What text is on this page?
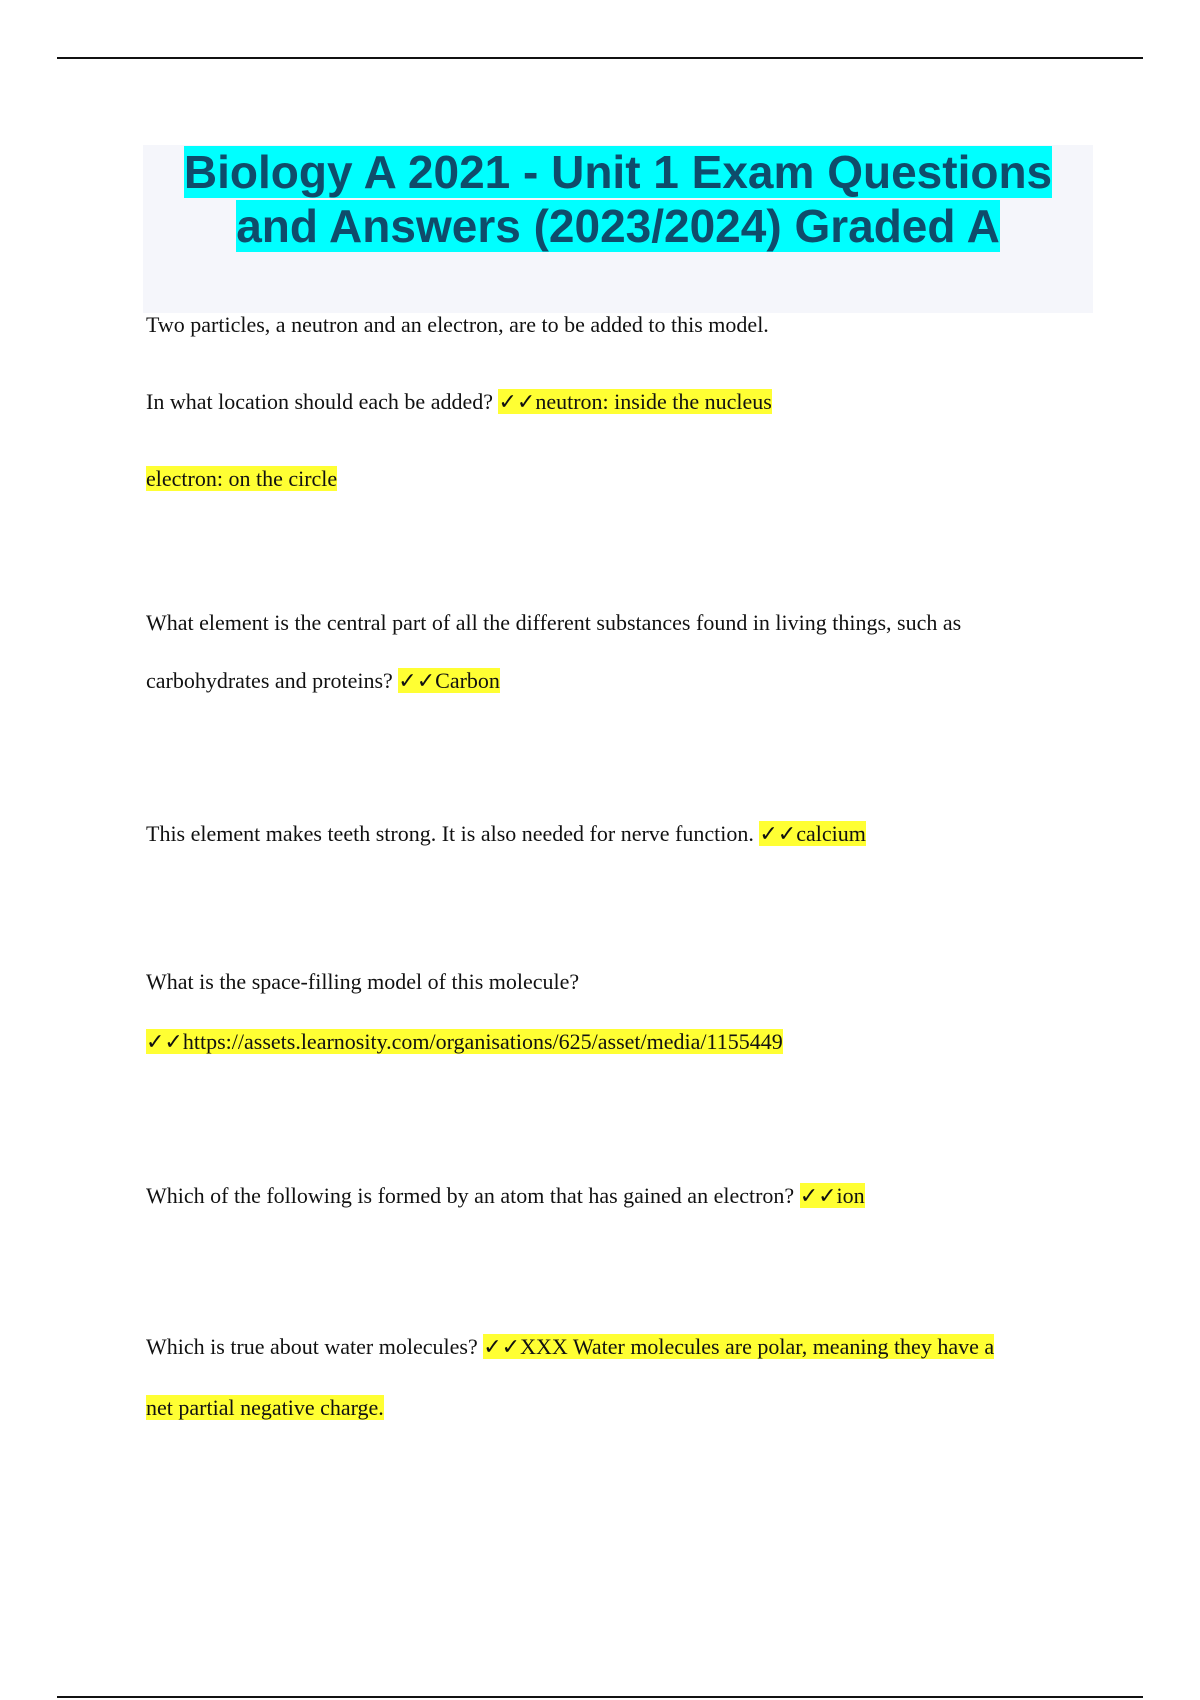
Biology A 2021 - Unit 1 Exam Questions
and Answers (2023/2024) Graded A

Two particles, a neutron and an electron, are to be added to this model.

In what location should each be added? ✓✓neutron: inside the nucleus

electron: on the circle

What element is the central part of all the different substances found in living things, such as

carbohydrates and proteins? ✓✓Carbon

This element makes teeth strong. It is also needed for nerve function. ✓✓calcium

What is the space-filling model of this molecule?

✓✓https://assets.learnosity.com/organisations/625/asset/media/1155449

Which of the following is formed by an atom that has gained an electron? ✓✓ion

Which is true about water molecules? ✓✓XXX Water molecules are polar, meaning they have a

net partial negative charge.
